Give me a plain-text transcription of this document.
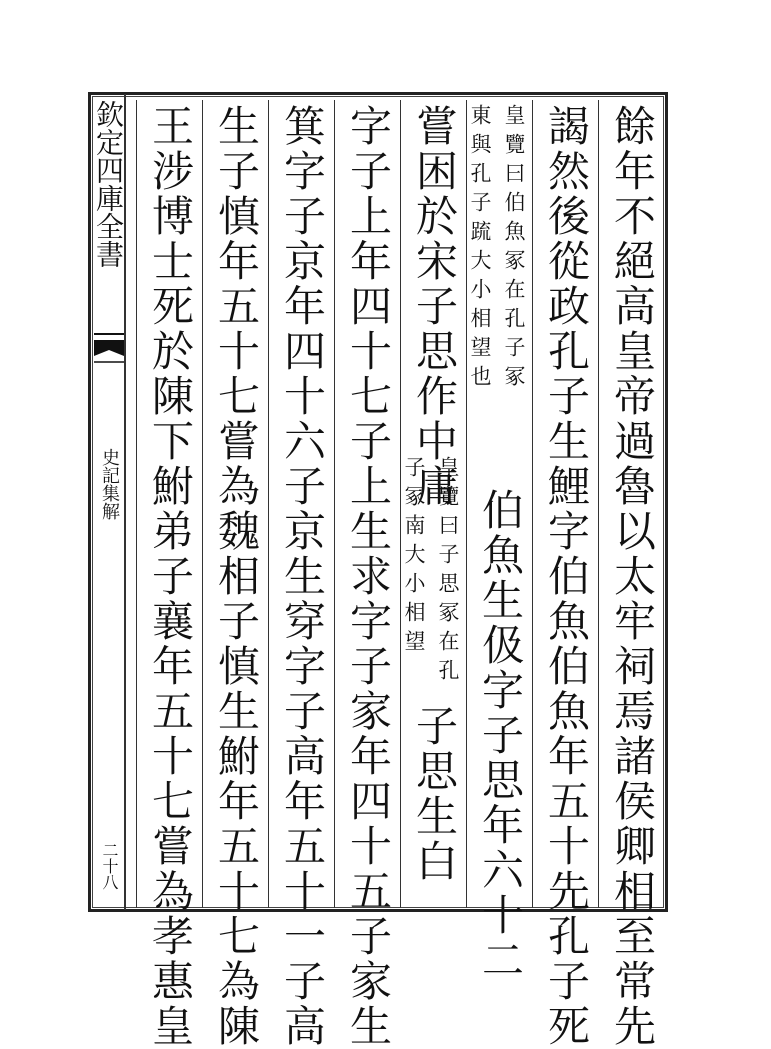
欽定四庫全書
史記集解
二十八	餘年不絕高皇帝過魯以太牢祠焉諸侯卿相至常先
謁然後從政孔子生鯉字伯魚伯魚年五十先孔子死
皇覽曰伯魚冢在孔子冢
東與孔子䟽大小相望也
伯魚生伋字子思年六十二
嘗困於宋子思作中庸
皇覽曰子思冢在孔
子冢南大小相望
子思生白
字子上年四十七子上生求字子家年四十五子家生
箕字子京年四十六子京生穿字子高年五十一子高
生子慎年五十七嘗為魏相子慎生鮒年五十七為陳
王涉博士死於陳下鮒弟子襄年五十七嘗為孝惠皇
